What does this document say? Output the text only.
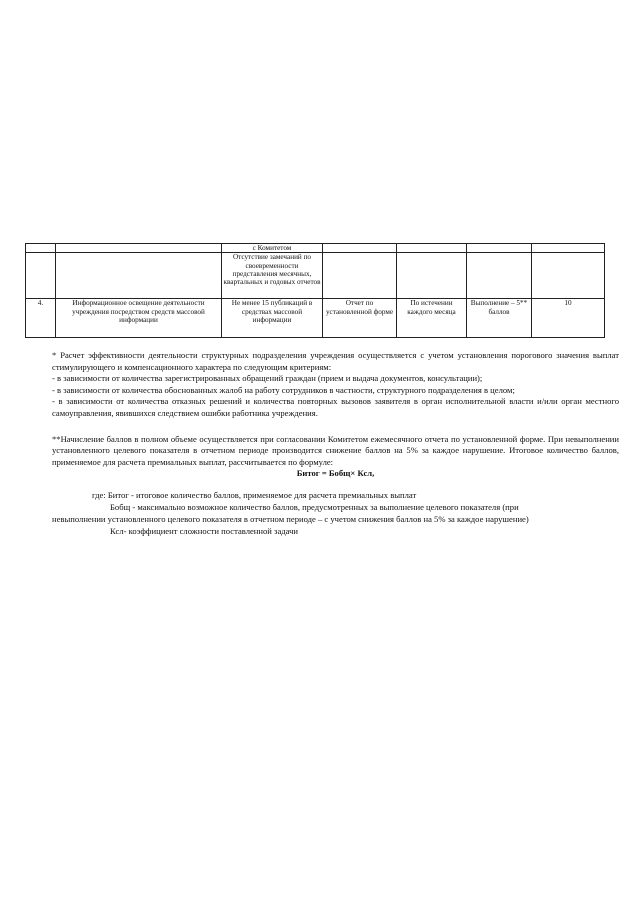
		с Комитетом				

		Отсутствие замечаний по своевременности представления месячных, квартальных и годовых отчетов				

4.	Информационное освещение деятельности учреждения посредством средств массовой информации	Не менее 15 публикаций в средствах массовой информации	Отчет по установленной форме	По истечении каждого месяца	Выполнение – 5** баллов	10

* Расчет эффективности деятельности структурных подразделения учреждения осуществляется с учетом установления порогового значения выплат стимулирующего и компенсационного характера по следующим критериям:

- в зависимости от количества зарегистрированных обращений граждан (прием и выдача документов, консультации);

- в зависимости от количества обоснованных жалоб на работу сотрудников в частности, структурного подразделения в целом;

- в зависимости от количества отказных решений и количества повторных вызовов заявителя в орган исполнительной власти и/или орган местного самоуправления, явившихся следствием ошибки работника учреждения.

**Начисление баллов в полном объеме осуществляется при согласовании Комитетом ежемесячного отчета по установленной форме. При невыполнении установленного целевого показателя в отчетном периоде производится снижение баллов на 5% за каждое нарушение. Итоговое количество баллов, применяемое для расчета премиальных выплат, рассчитывается по формуле:

Битог = Бобщ× Ксл,

где: Битог - итоговое количество баллов, применяемое для расчета премиальных выплат
Бобщ - максимально возможное количество баллов, предусмотренных за выполнение целевого показателя (при
невыполнении установленного целевого показателя в отчетном периоде – с учетом снижения баллов на 5% за каждое нарушение)
Ксл- коэффициент сложности поставленной задачи
